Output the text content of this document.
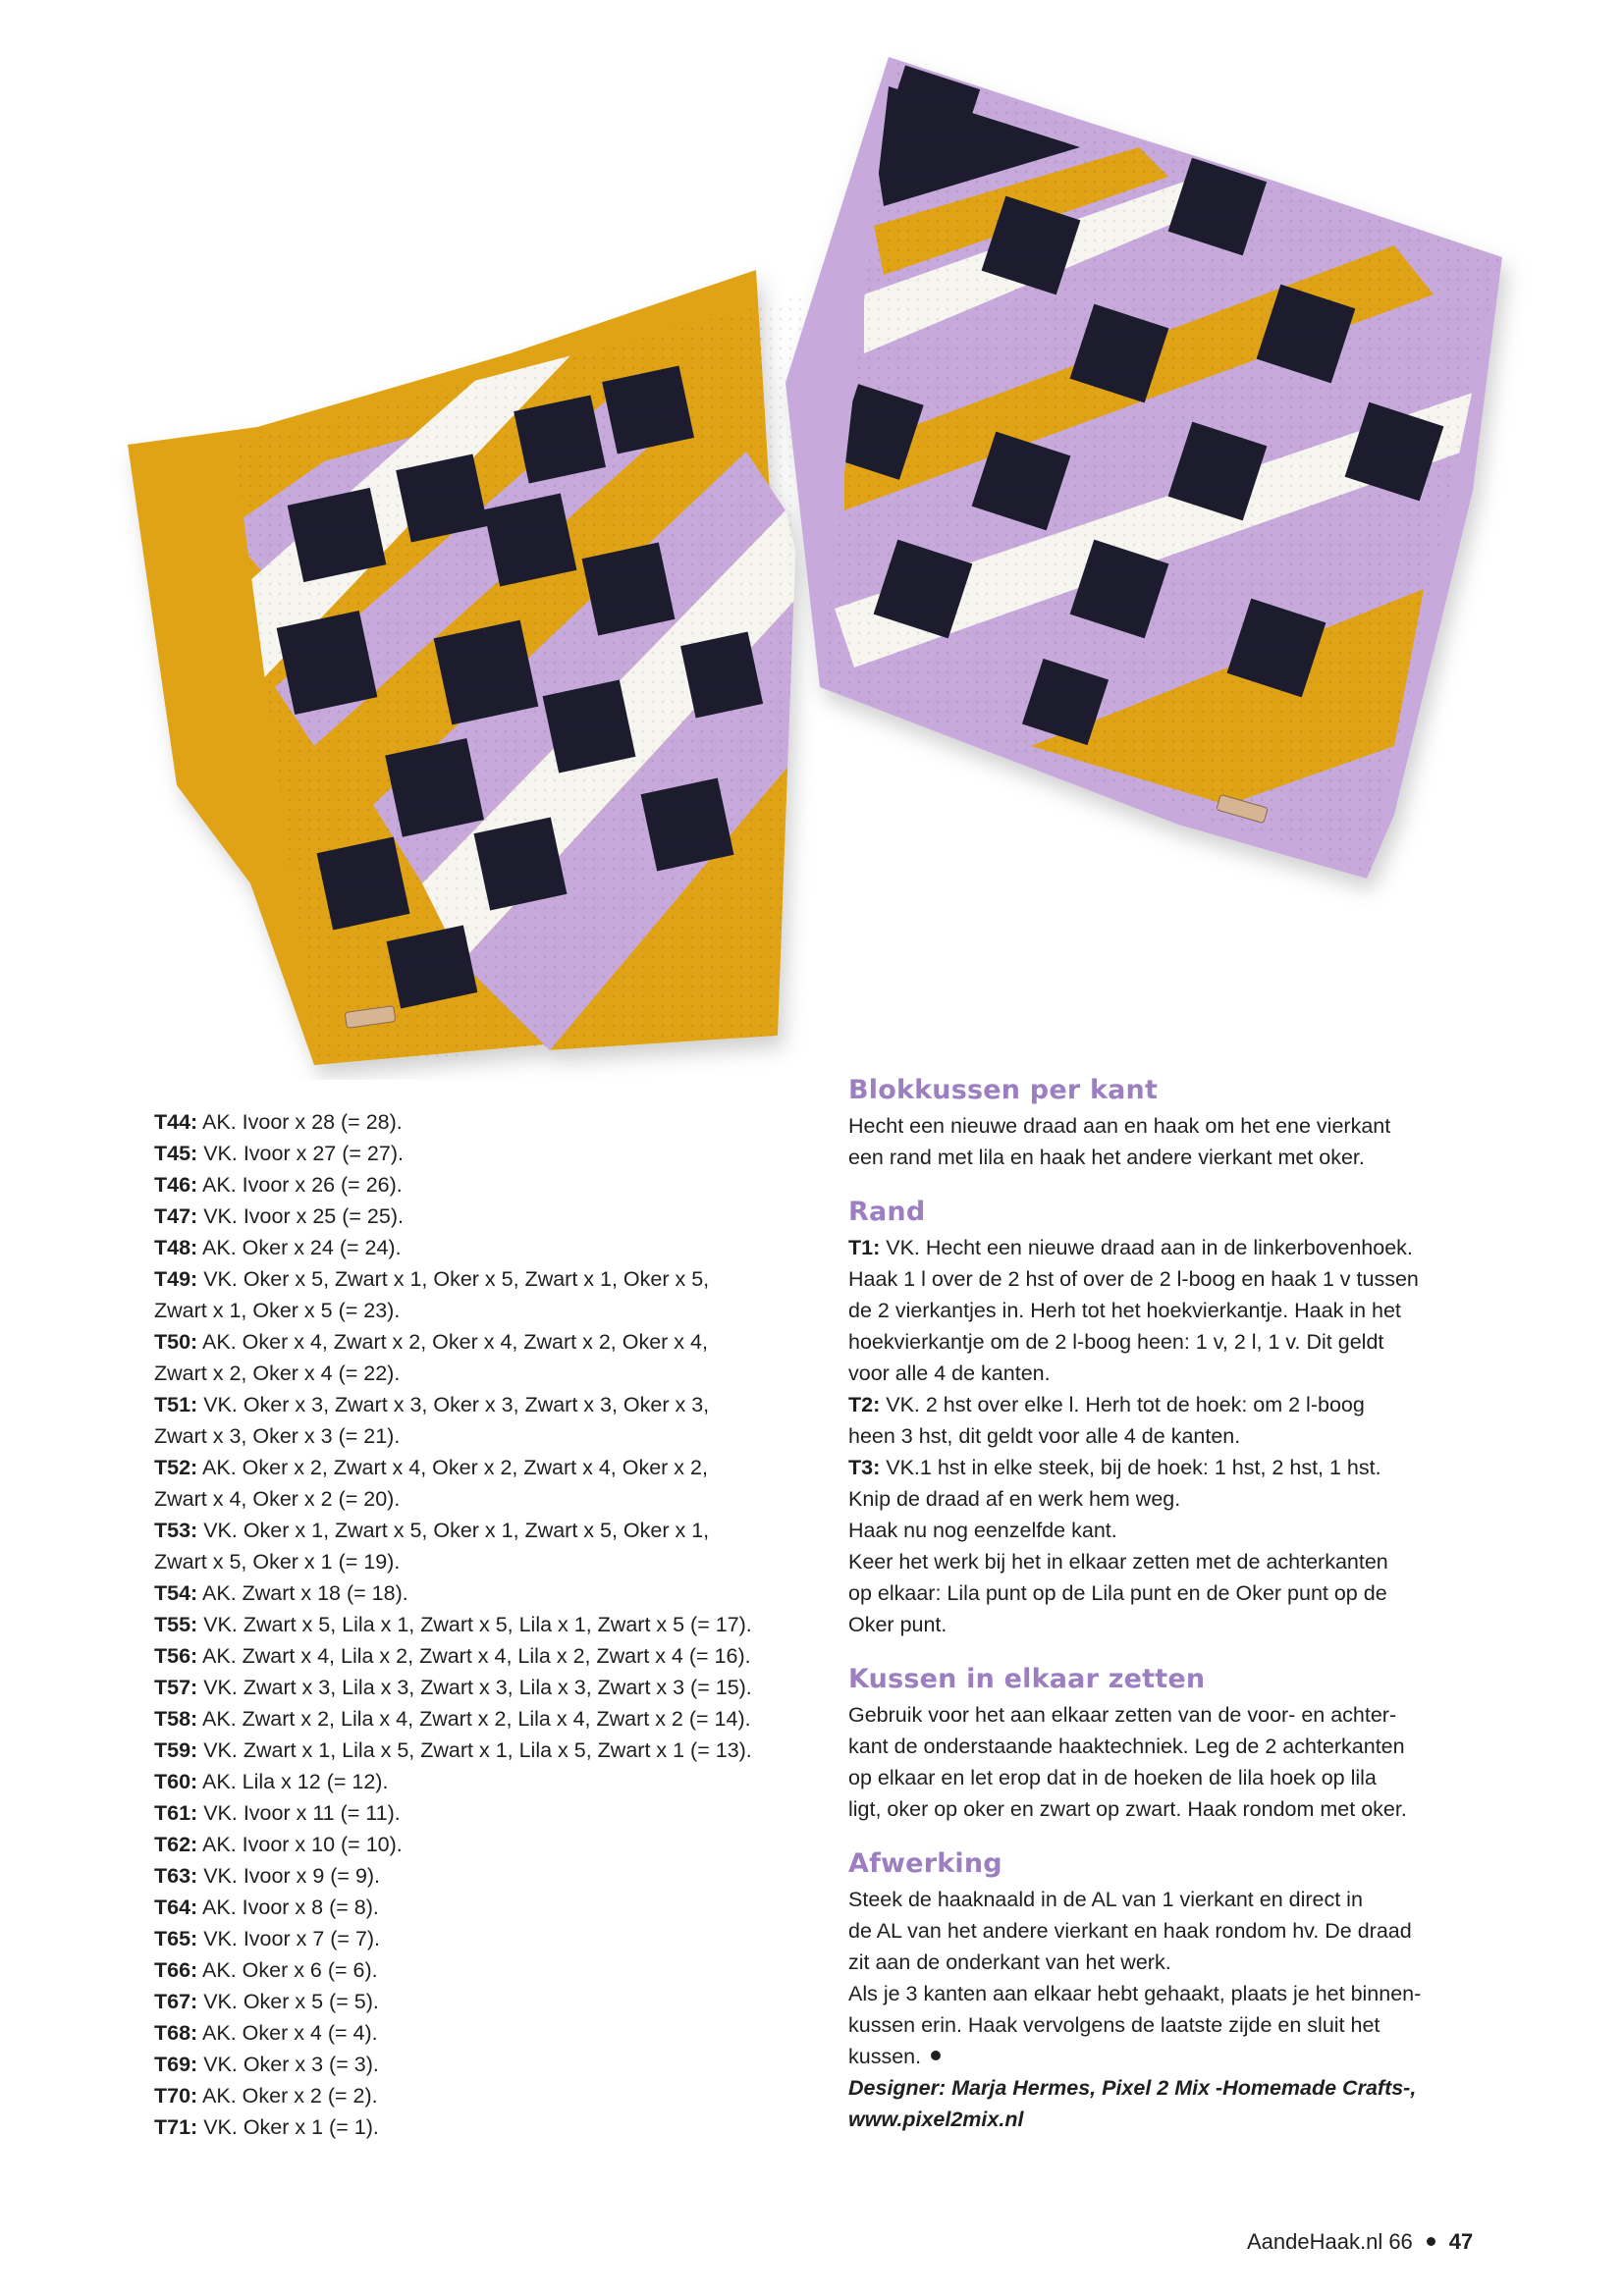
T44: AK. Ivoor x 28 (= 28).

T45: VK. Ivoor x 27 (= 27).

T46: AK. Ivoor x 26 (= 26).

T47: VK. Ivoor x 25 (= 25).

T48: AK. Oker x 24 (= 24).

T49: VK. Oker x 5, Zwart x 1, Oker x 5, Zwart x 1, Oker x 5,

Zwart x 1, Oker x 5 (= 23).

T50: AK. Oker x 4, Zwart x 2, Oker x 4, Zwart x 2, Oker x 4,

Zwart x 2, Oker x 4 (= 22).

T51: VK. Oker x 3, Zwart x 3, Oker x 3, Zwart x 3, Oker x 3,

Zwart x 3, Oker x 3 (= 21).

T52: AK. Oker x 2, Zwart x 4, Oker x 2, Zwart x 4, Oker x 2,

Zwart x 4, Oker x 2 (= 20).

T53: VK. Oker x 1, Zwart x 5, Oker x 1, Zwart x 5, Oker x 1,

Zwart x 5, Oker x 1 (= 19).

T54: AK. Zwart x 18 (= 18).

T55: VK. Zwart x 5, Lila x 1, Zwart x 5, Lila x 1, Zwart x 5 (= 17).

T56: AK. Zwart x 4, Lila x 2, Zwart x 4, Lila x 2, Zwart x 4 (= 16).

T57: VK. Zwart x 3, Lila x 3, Zwart x 3, Lila x 3, Zwart x 3 (= 15).

T58: AK. Zwart x 2, Lila x 4, Zwart x 2, Lila x 4, Zwart x 2 (= 14).

T59: VK. Zwart x 1, Lila x 5, Zwart x 1, Lila x 5, Zwart x 1 (= 13).

T60: AK. Lila x 12 (= 12).

T61: VK. Ivoor x 11 (= 11).

T62: AK. Ivoor x 10 (= 10).

T63: VK. Ivoor x 9 (= 9).

T64: AK. Ivoor x 8 (= 8).

T65: VK. Ivoor x 7 (= 7).

T66: AK. Oker x 6 (= 6).

T67: VK. Oker x 5 (= 5).

T68: AK. Oker x 4 (= 4).

T69: VK. Oker x 3 (= 3).

T70: AK. Oker x 2 (= 2).

T71: VK. Oker x 1 (= 1).

Blokkussen per kant

Hecht een nieuwe draad aan en haak om het ene vierkant

een rand met lila en haak het andere vierkant met oker.

Rand

T1: VK. Hecht een nieuwe draad aan in de linkerbovenhoek.

Haak 1 l over de 2 hst of over de 2 l-boog en haak 1 v tussen

de 2 vierkantjes in. Herh tot het hoekvierkantje. Haak in het

hoekvierkantje om de 2 l-boog heen: 1 v, 2 l, 1 v. Dit geldt

voor alle 4 de kanten.

T2: VK. 2 hst over elke l. Herh tot de hoek: om 2 l-boog

heen 3 hst, dit geldt voor alle 4 de kanten.

T3: VK.1 hst in elke steek, bij de hoek: 1 hst, 2 hst, 1 hst.

Knip de draad af en werk hem weg.

Haak nu nog eenzelfde kant.

Keer het werk bij het in elkaar zetten met de achterkanten

op elkaar: Lila punt op de Lila punt en de Oker punt op de

Oker punt.

Kussen in elkaar zetten

Gebruik voor het aan elkaar zetten van de voor- en achter-

kant de onderstaande haaktechniek. Leg de 2 achterkanten

op elkaar en let erop dat in de hoeken de lila hoek op lila

ligt, oker op oker en zwart op zwart. Haak rondom met oker.

Afwerking

Steek de haaknaald in de AL van 1 vierkant en direct in

de AL van het andere vierkant en haak rondom hv. De draad

zit aan de onderkant van het werk.

Als je 3 kanten aan elkaar hebt gehaakt, plaats je het binnen-

kussen erin. Haak vervolgens de laatste zijde en sluit het

kussen.

Designer: Marja Hermes, Pixel 2 Mix -Homemade Crafts-,

www.pixel2mix.nl

AandeHaak.nl 66 47
